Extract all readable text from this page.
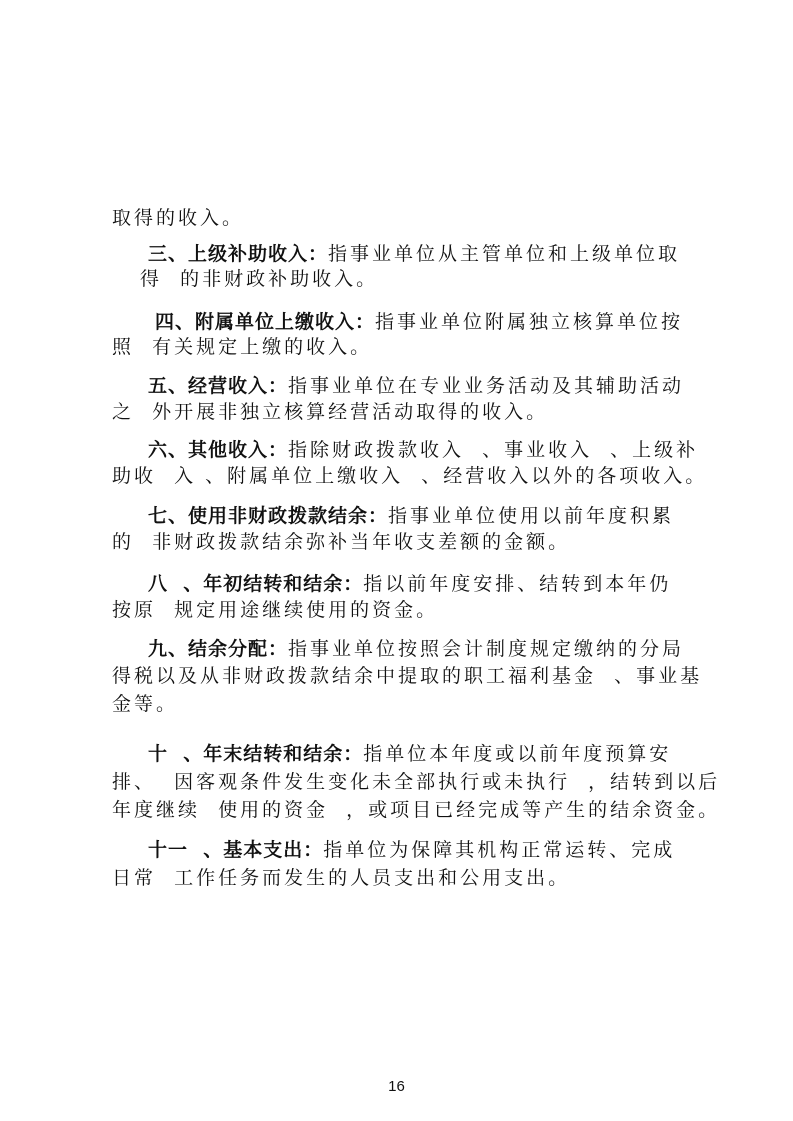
取得的收入。
三、上级补助收入：指事业单位从主管单位和上级单位取
得  的非财政补助收入。
四、附属单位上缴收入：指事业单位附属独立核算单位按
照  有关规定上缴的收入。
五、经营收入：指事业单位在专业业务活动及其辅助活动
之  外开展非独立核算经营活动取得的收入。
六、其他收入：指除财政拨款收入  、事业收入  、上级补
助收  入 、附属单位上缴收入  、经营收入以外的各项收入。
七、使用非财政拨款结余：指事业单位使用以前年度积累
的  非财政拨款结余弥补当年收支差额的金额。
八  、年初结转和结余：指以前年度安排、结转到本年仍
按原  规定用途继续使用的资金。
九、结余分配：指事业单位按照会计制度规定缴纳的分局
得税以及从非财政拨款结余中提取的职工福利基金  、事业基
金等。
十  、年末结转和结余：指单位本年度或以前年度预算安
排、  因客观条件发生变化未全部执行或未执行  ，结转到以后
年度继续  使用的资金  ，或项目已经完成等产生的结余资金。
十一  、基本支出：指单位为保障其机构正常运转、完成
日常  工作任务而发生的人员支出和公用支出。
16
